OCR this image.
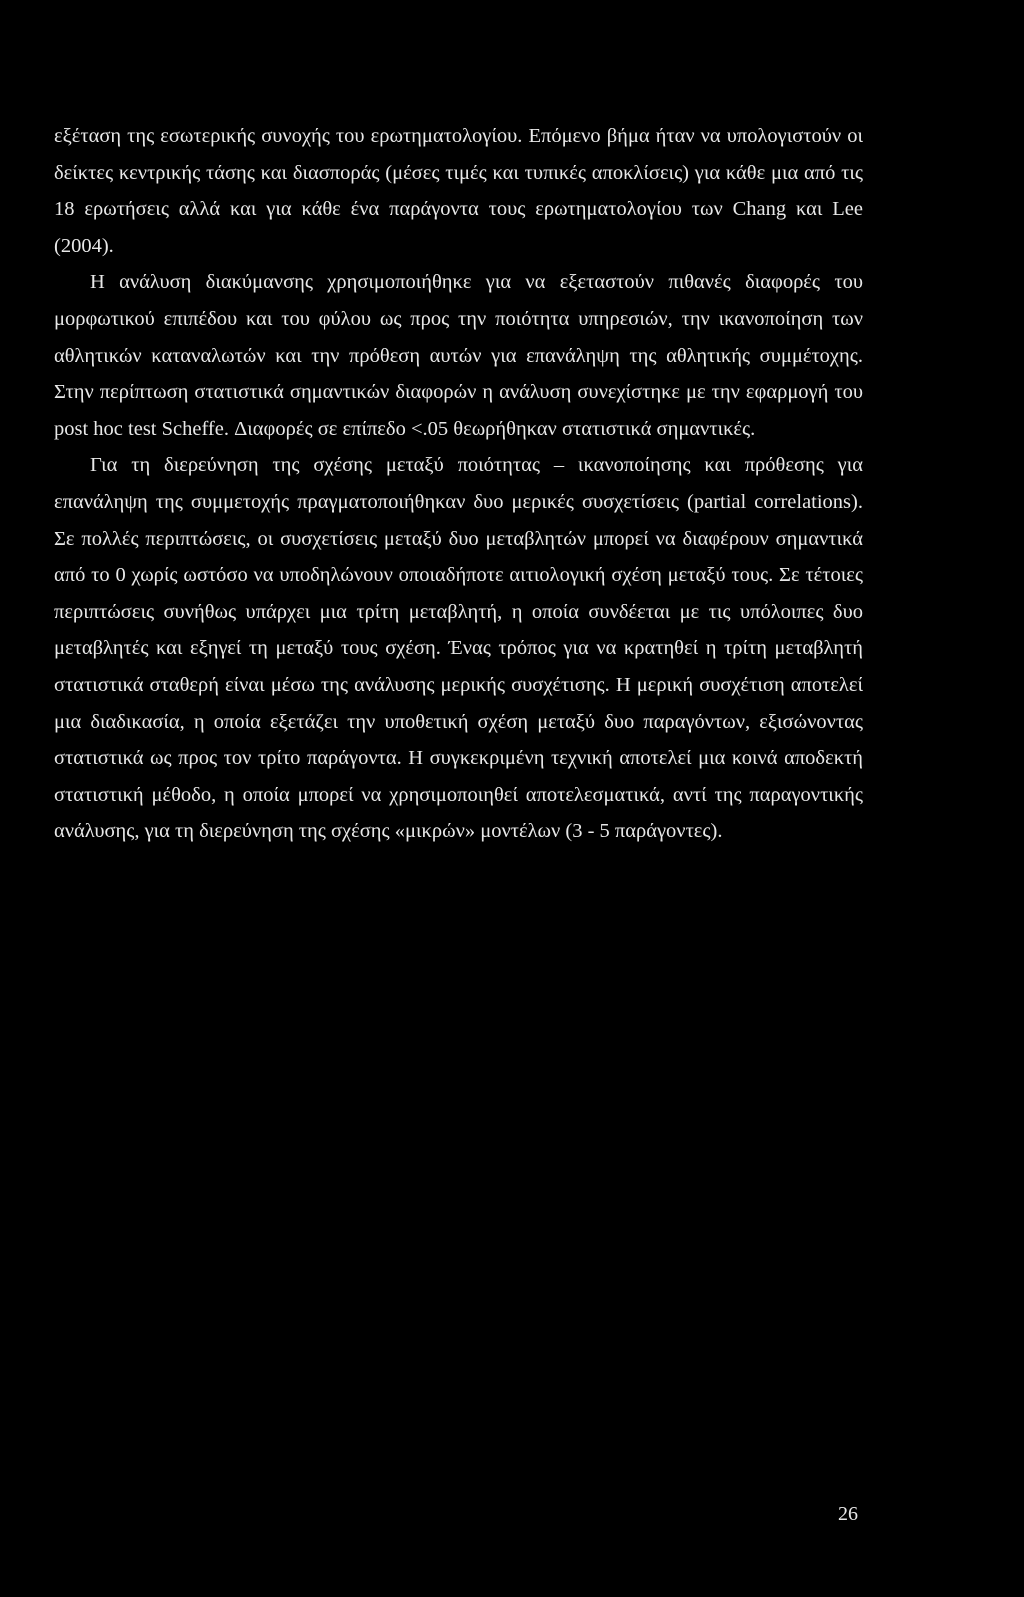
εξέταση της εσωτερικής συνοχής του ερωτηματολογίου. Επόμενο βήμα ήταν να υπολογιστούν οι δείκτες κεντρικής τάσης και διασποράς (μέσες τιμές και τυπικές αποκλίσεις) για κάθε μια από τις 18 ερωτήσεις αλλά και για κάθε ένα παράγοντα τους ερωτηματολογίου των Chang και Lee (2004).

Η ανάλυση διακύμανσης χρησιμοποιήθηκε για να εξεταστούν πιθανές διαφορές του μορφωτικού επιπέδου και του φύλου ως προς την ποιότητα υπηρεσιών, την ικανοποίηση των αθλητικών καταναλωτών και την πρόθεση αυτών για επανάληψη της αθλητικής συμμέτοχης. Στην περίπτωση στατιστικά σημαντικών διαφορών η ανάλυση συνεχίστηκε με την εφαρμογή του post hoc test Scheffe. Διαφορές σε επίπεδο <.05 θεωρήθηκαν στατιστικά σημαντικές.

Για τη διερεύνηση της σχέσης μεταξύ ποιότητας – ικανοποίησης και πρόθεσης για επανάληψη της συμμετοχής πραγματοποιήθηκαν δυο μερικές συσχετίσεις (partial correlations). Σε πολλές περιπτώσεις, οι συσχετίσεις μεταξύ δυο μεταβλητών μπορεί να διαφέρουν σημαντικά από το 0 χωρίς ωστόσο να υποδηλώνουν οποιαδήποτε αιτιολογική σχέση μεταξύ τους. Σε τέτοιες περιπτώσεις συνήθως υπάρχει μια τρίτη μεταβλητή, η οποία συνδέεται με τις υπόλοιπες δυο μεταβλητές και εξηγεί τη μεταξύ τους σχέση. Ένας τρόπος για να κρατηθεί η τρίτη μεταβλητή στατιστικά σταθερή είναι μέσω της ανάλυσης μερικής συσχέτισης. Η μερική συσχέτιση αποτελεί μια διαδικασία, η οποία εξετάζει την υποθετική σχέση μεταξύ δυο παραγόντων, εξισώνοντας στατιστικά ως προς τον τρίτο παράγοντα. Η συγκεκριμένη τεχνική αποτελεί μια κοινά αποδεκτή στατιστική μέθοδο, η οποία μπορεί να χρησιμοποιηθεί αποτελεσματικά, αντί της παραγοντικής ανάλυσης, για τη διερεύνηση της σχέσης «μικρών» μοντέλων (3 - 5 παράγοντες).

26
